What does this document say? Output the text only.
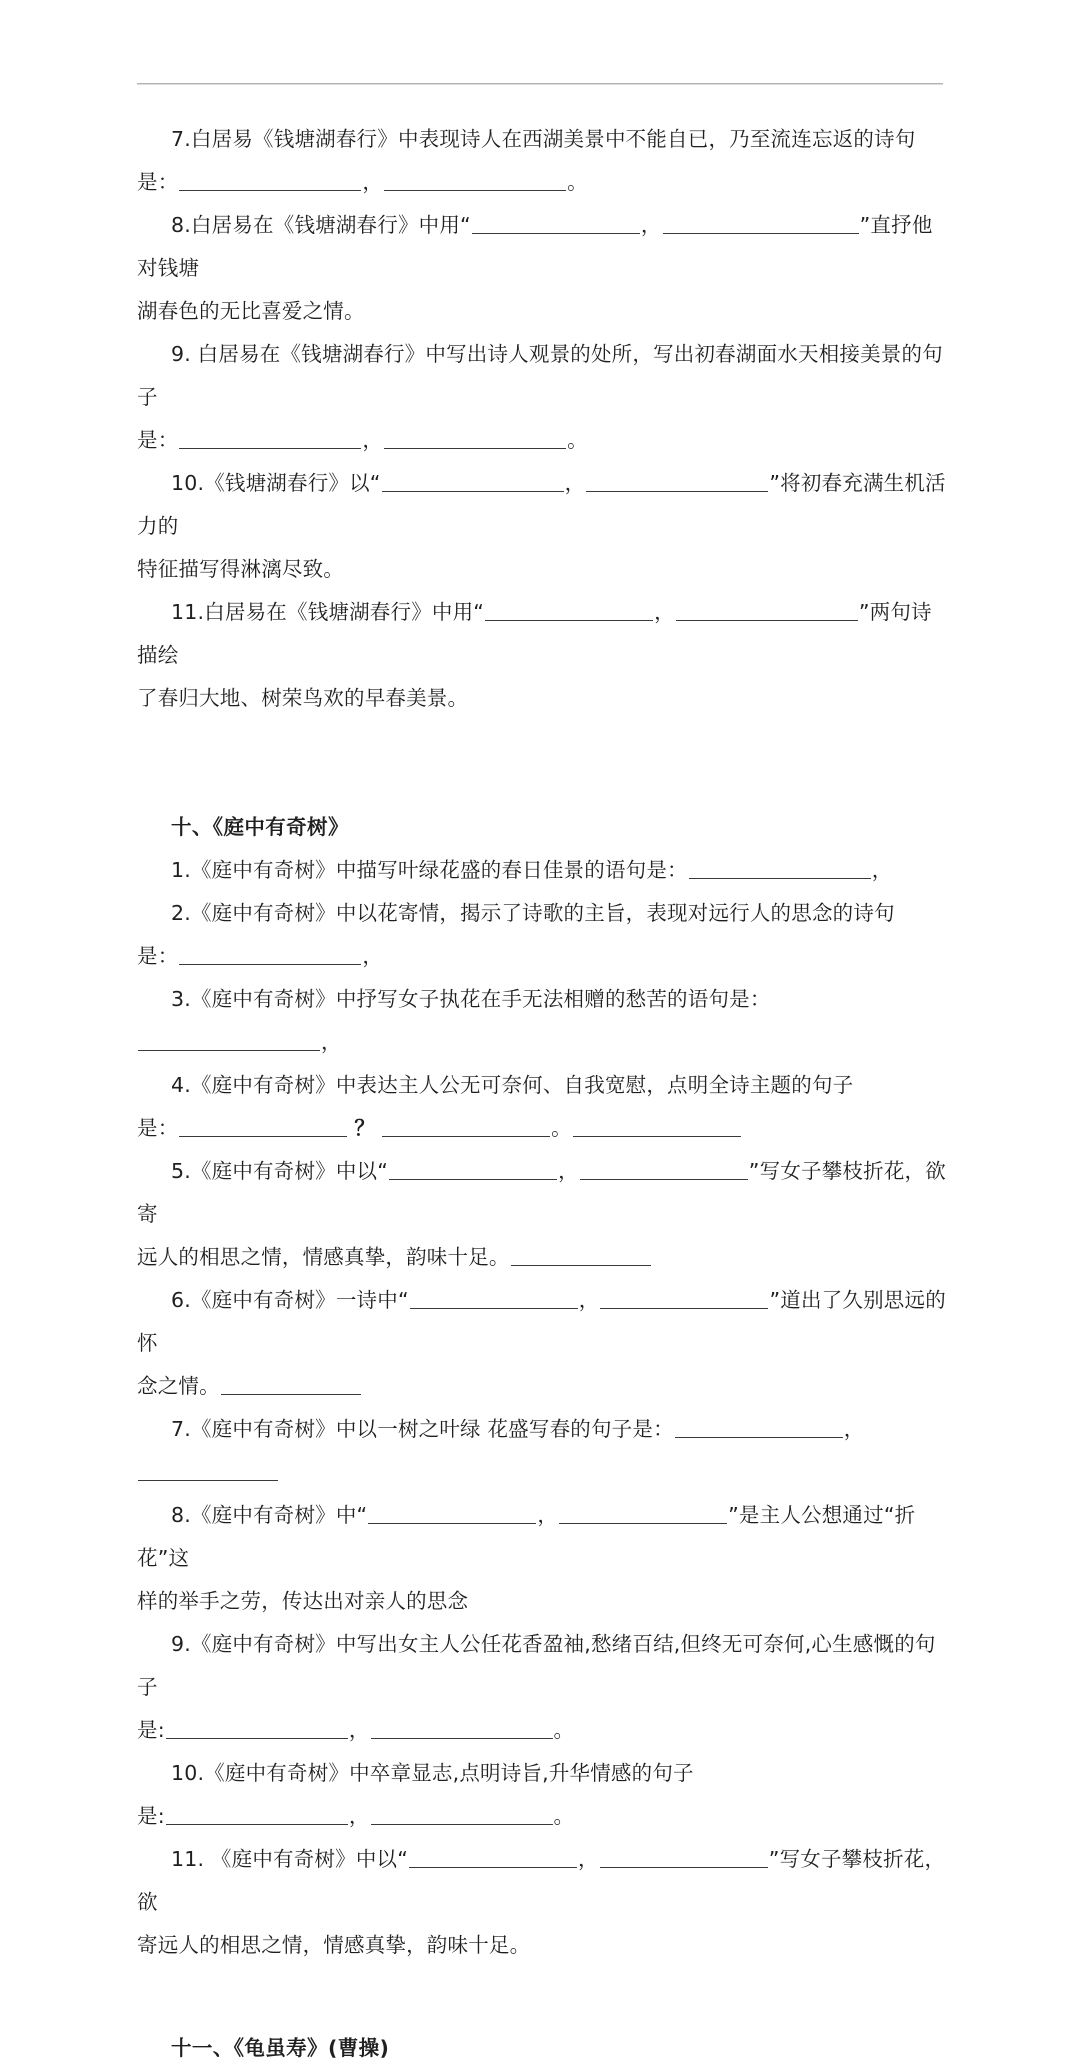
7.白居易《钱塘湖春行》中表现诗人在西湖美景中不能自已，乃至流连忘返的诗句

是：	，	。

8.白居易在《钱塘湖春行》中用“	，	”直抒他对钱塘

湖春色的无比喜爱之情。

9. 白居易在《钱塘湖春行》中写出诗人观景的处所，写出初春湖面水天相接美景的句子

是：	，	。

10.《钱塘湖春行》以“	，	”将初春充满生机活力的

特征描写得淋漓尽致。

11.白居易在《钱塘湖春行》中用“	，	”两句诗描绘

了春归大地、树荣鸟欢的早春美景。

十、《庭中有奇树》

1.《庭中有奇树》中描写叶绿花盛的春日佳景的语句是：	，

2.《庭中有奇树》中以花寄情，揭示了诗歌的主旨，表现对远行人的思念的诗句

是：	，

3.《庭中有奇树》中抒写女子执花在手无法相赠的愁苦的语句是：，

4.《庭中有奇树》中表达主人公无可奈何、自我宽慰，点明全诗主题的句子

是：	？	。

5.《庭中有奇树》中以“	，	”写女子攀枝折花，欲寄

远人的相思之情，情感真挚，韵味十足。

6.《庭中有奇树》一诗中“	，	”道出了久别思远的怀

念之情。

7.《庭中有奇树》中以一树之叶绿 花盛写春的句子是：	，

8.《庭中有奇树》中“	，	”是主人公想通过“折花”这

样的举手之劳，传达出对亲人的思念

9.《庭中有奇树》中写出女主人公任花香盈袖,愁绪百结,但终无可奈何,心生感慨的句子

是:	，	。

10.《庭中有奇树》中卒章显志,点明诗旨,升华情感的句子

是:	，	。

11. 《庭中有奇树》中以“	，	”写女子攀枝折花，欲

寄远人的相思之情，情感真挚，韵味十足。

十一、《龟虽寿》(曹操)
